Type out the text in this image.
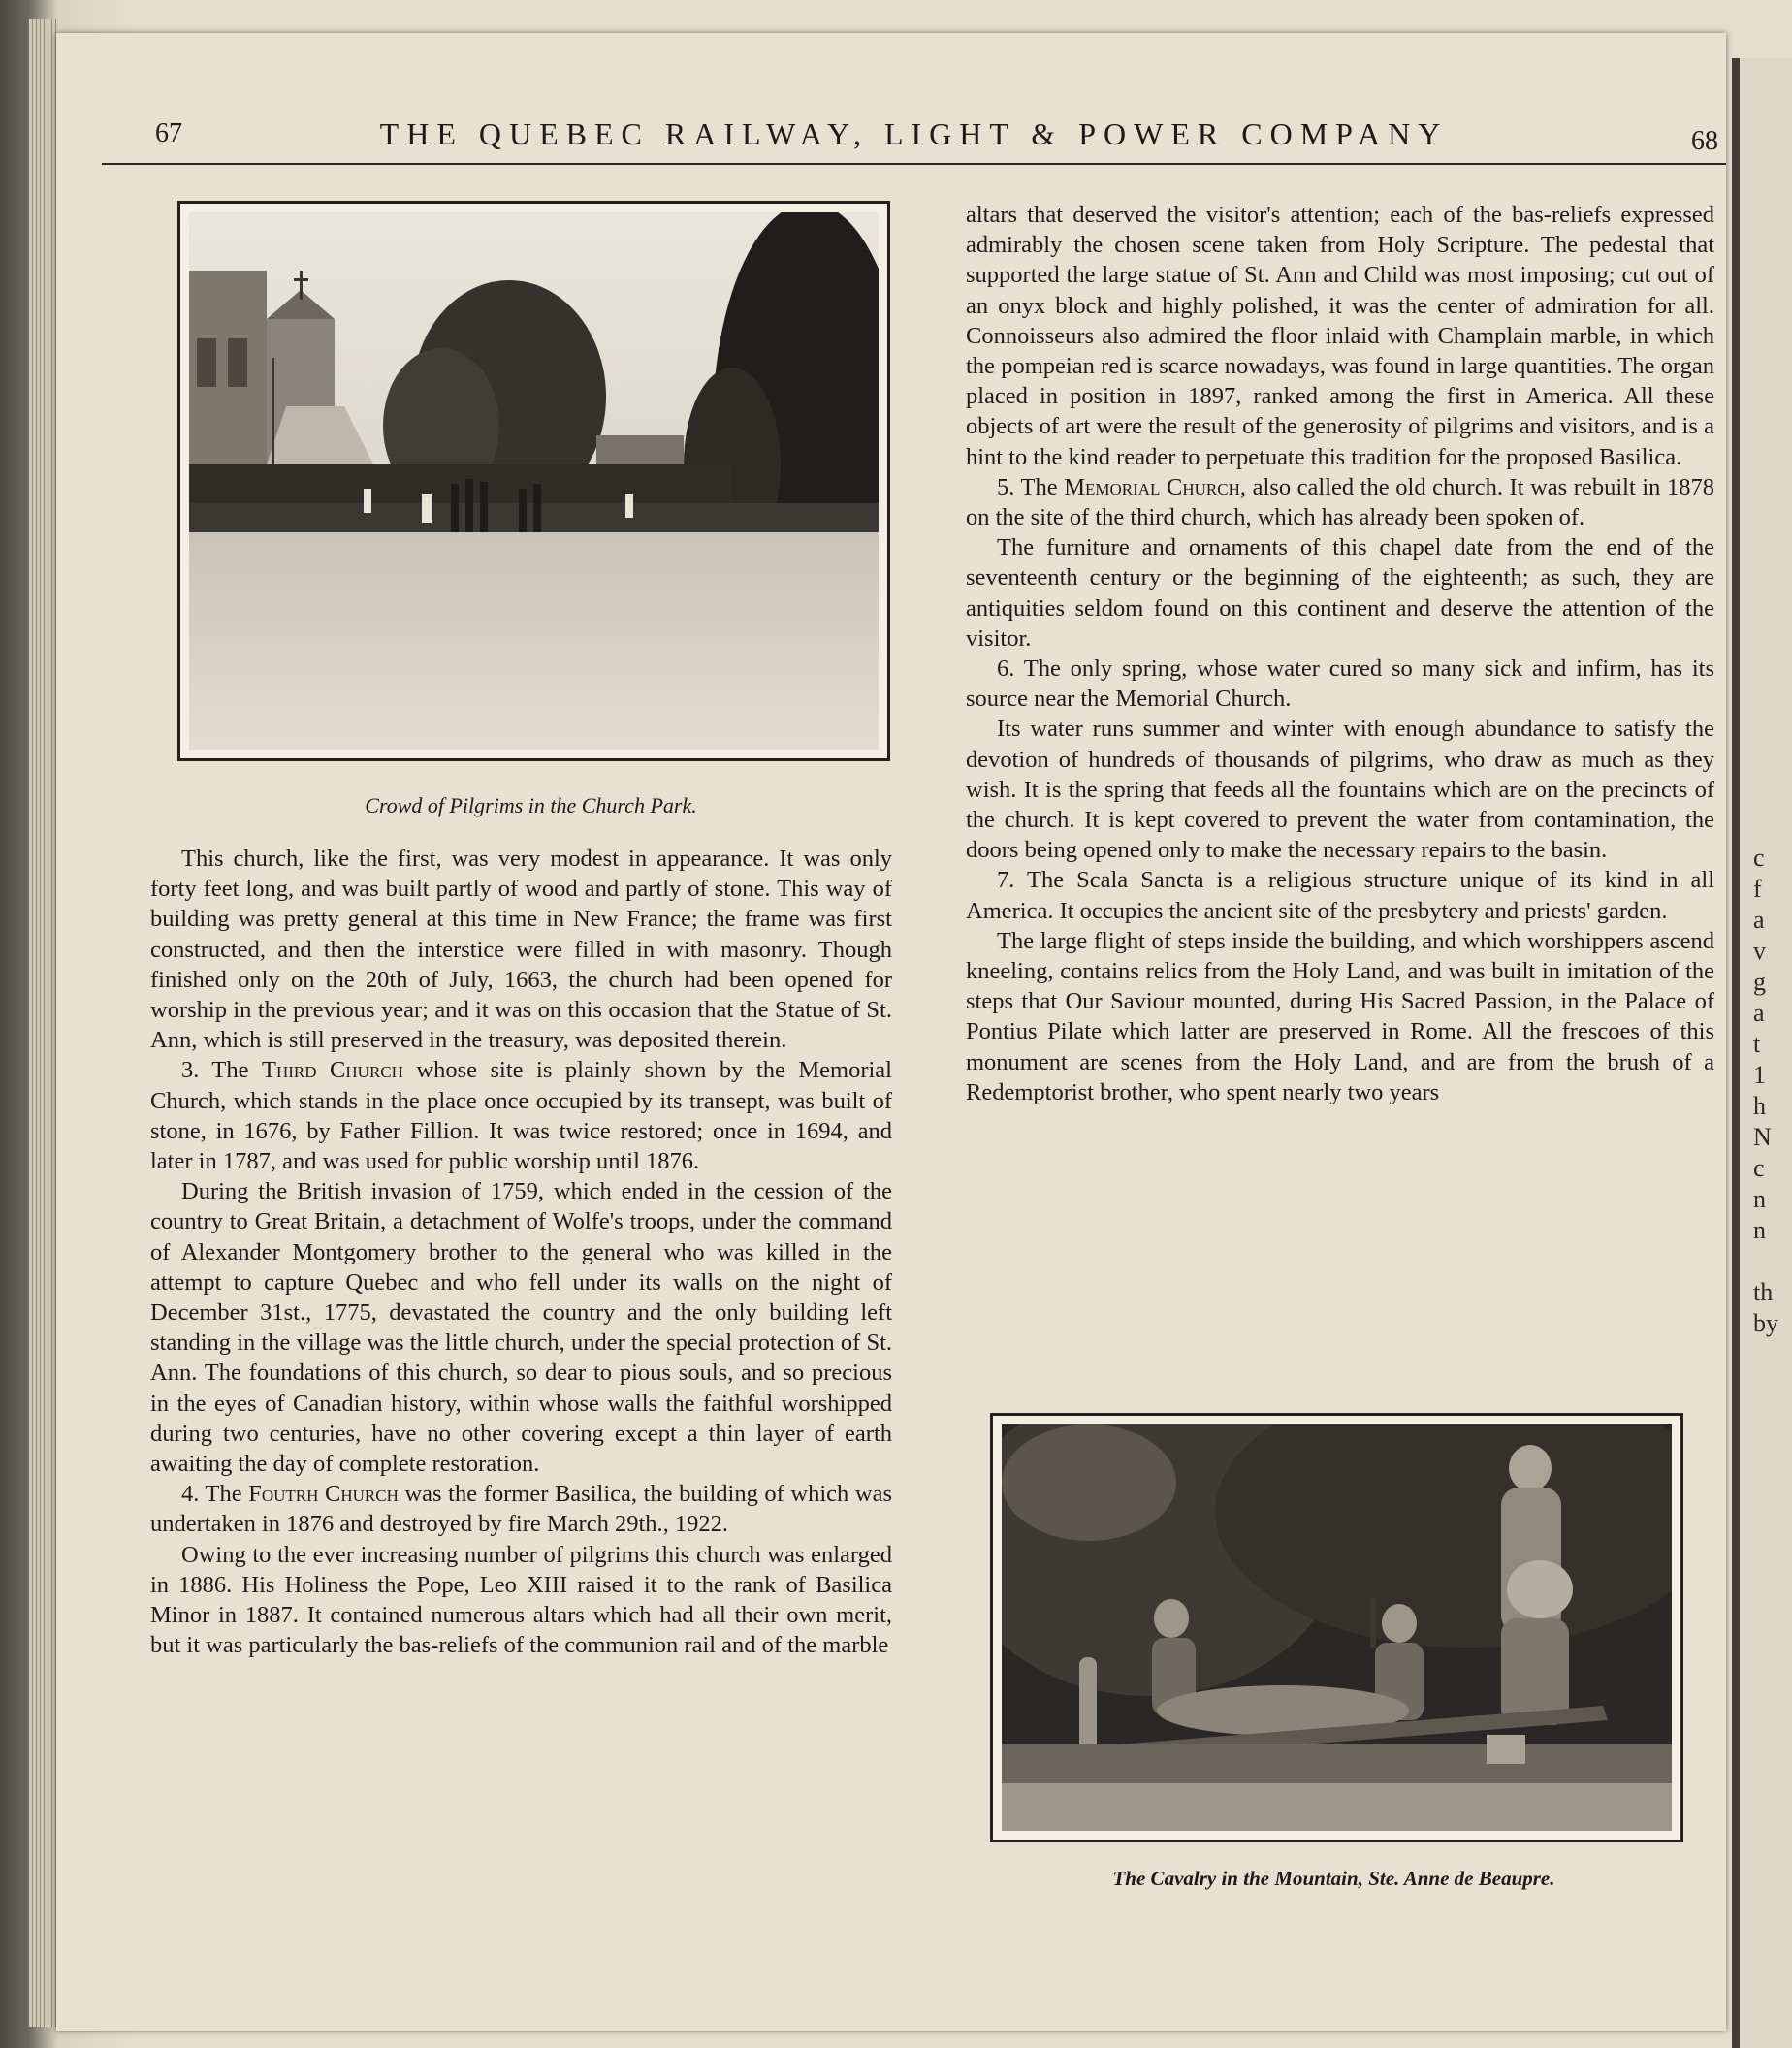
67	THE QUEBEC RAILWAY, LIGHT & POWER COMPANY	68
Crowd of Pilgrims in the Church Park.

This church, like the first, was very modest in appearance. It was only forty feet long, and was built partly of wood and partly of stone. This way of building was pretty general at this time in New France; the frame was first constructed, and then the interstice were filled in with masonry. Though finished only on the 20th of July, 1663, the church had been opened for worship in the previous year; and it was on this occasion that the Statue of St. Ann, which is still preserved in the treasury, was deposited therein.

3. The Third Church whose site is plainly shown by the Memorial Church, which stands in the place once occupied by its transept, was built of stone, in 1676, by Father Fillion. It was twice restored; once in 1694, and later in 1787, and was used for public worship until 1876.

During the British invasion of 1759, which ended in the cession of the country to Great Britain, a detachment of Wolfe's troops, under the command of Alexander Montgomery brother to the general who was killed in the attempt to capture Quebec and who fell under its walls on the night of December 31st., 1775, devastated the country and the only building left standing in the village was the little church, under the special protection of St. Ann. The foundations of this church, so dear to pious souls, and so precious in the eyes of Canadian history, within whose walls the faithful worshipped during two centuries, have no other covering except a thin layer of earth awaiting the day of complete restoration.

4. The Foutrh Church was the former Basilica, the building of which was undertaken in 1876 and destroyed by fire March 29th., 1922.

Owing to the ever increasing number of pilgrims this church was enlarged in 1886. His Holiness the Pope, Leo XIII raised it to the rank of Basilica Minor in 1887. It contained numerous altars which had all their own merit, but it was particularly the bas-reliefs of the communion rail and of the marble

altars that deserved the visitor's attention; each of the bas-reliefs expressed admirably the chosen scene taken from Holy Scripture. The pedestal that supported the large statue of St. Ann and Child was most imposing; cut out of an onyx block and highly polished, it was the center of admiration for all. Connoisseurs also admired the floor inlaid with Champlain marble, in which the pompeian red is scarce nowadays, was found in large quantities. The organ placed in position in 1897, ranked among the first in America. All these objects of art were the result of the generosity of pilgrims and visitors, and is a hint to the kind reader to perpetuate this tradition for the proposed Basilica.

5. The Memorial Church, also called the old church. It was rebuilt in 1878 on the site of the third church, which has already been spoken of.

The furniture and ornaments of this chapel date from the end of the seventeenth century or the beginning of the eighteenth; as such, they are antiquities seldom found on this continent and deserve the attention of the visitor.

6. The only spring, whose water cured so many sick and infirm, has its source near the Memorial Church.

Its water runs summer and winter with enough abundance to satisfy the devotion of hundreds of thousands of pilgrims, who draw as much as they wish. It is the spring that feeds all the fountains which are on the precincts of the church. It is kept covered to prevent the water from contamination, the doors being opened only to make the necessary repairs to the basin.

7. The Scala Sancta is a religious structure unique of its kind in all America. It occupies the ancient site of the presbytery and priests' garden.

The large flight of steps inside the building, and which worshippers ascend kneeling, contains relics from the Holy Land, and was built in imitation of the steps that Our Saviour mounted, during His Sacred Passion, in the Palace of Pontius Pilate which latter are preserved in Rome. All the frescoes of this monument are scenes from the Holy Land, and are from the brush of a Redemptorist brother, who spent nearly two years

The Cavalry in the Mountain, Ste. Anne de Beaupre.
c
f
a
v
g
a
t
1
h
N
c
n
n
th
by
